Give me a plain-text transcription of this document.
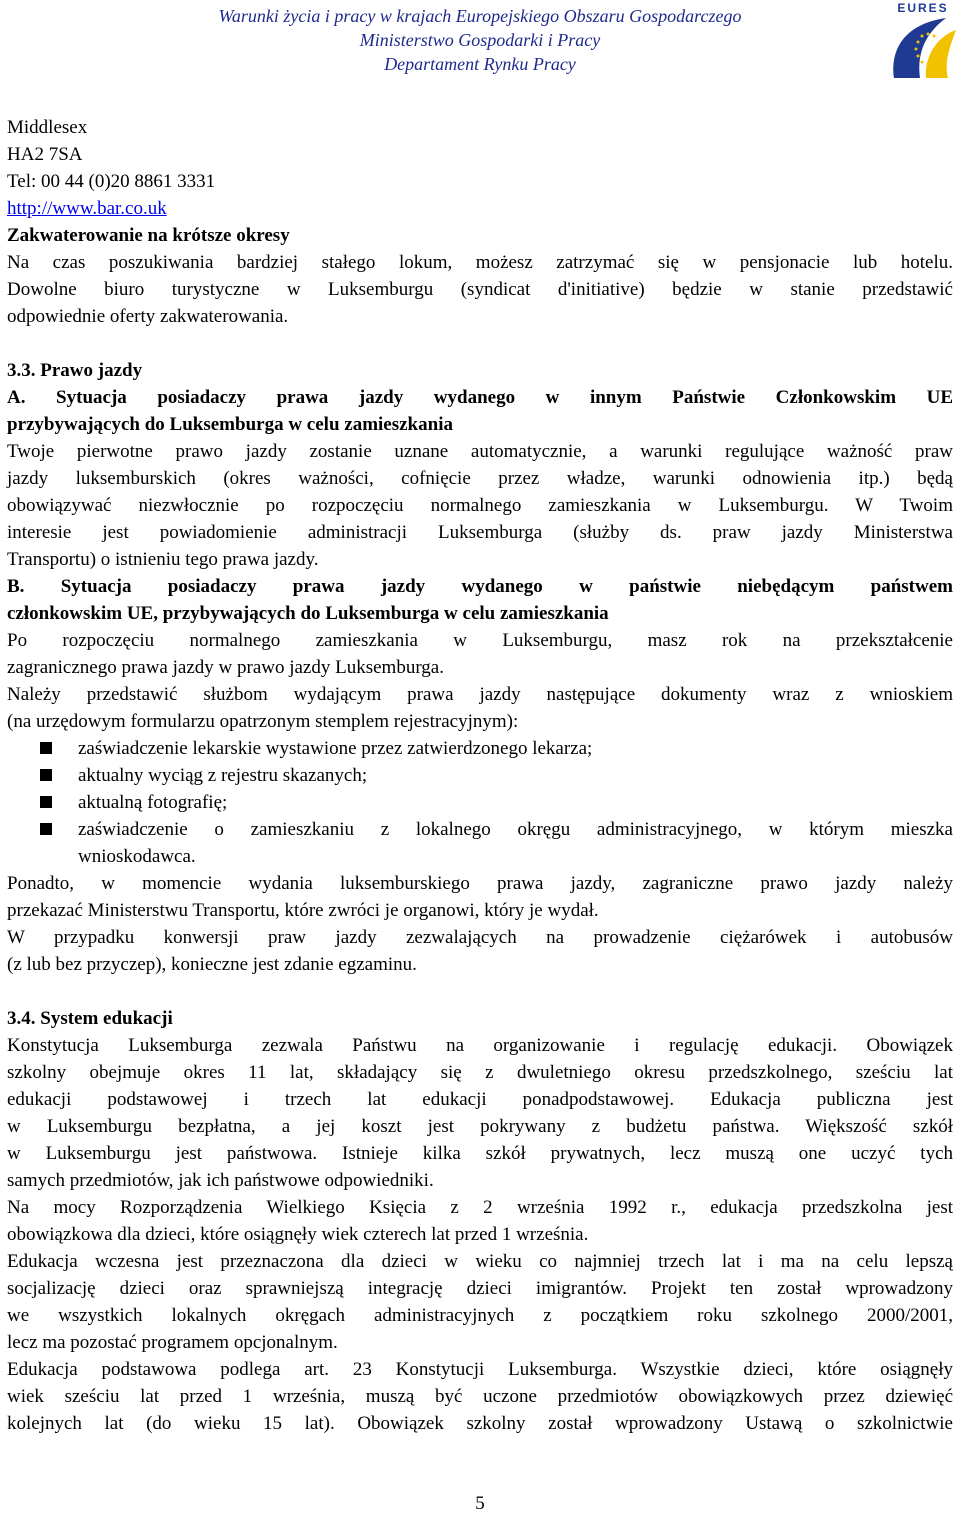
Warunki życia i pracy w krajach Europejskiego Obszaru Gospodarczego
Ministerstwo Gospodarki i Pracy
Departament Rynku Pracy
EURES
Middlesex
HA2 7SA
Tel: 00 44 (0)20 8861 3331
http://www.bar.co.uk
Zakwaterowanie na krótsze okresy
Na czas poszukiwania bardziej stałego lokum, możesz zatrzymać się w pensjonacie lub hotelu.
Dowolne biuro turystyczne w Luksemburgu (syndicat d'initiative) będzie w stanie przedstawić
odpowiednie oferty zakwaterowania.
3.3. Prawo jazdy
A. Sytuacja posiadaczy prawa jazdy wydanego w innym Państwie Członkowskim UE
przybywających do Luksemburga w celu zamieszkania
Twoje pierwotne prawo jazdy zostanie uznane automatycznie, a warunki regulujące ważność praw
jazdy luksemburskich (okres ważności, cofnięcie przez władze, warunki odnowienia itp.) będą
obowiązywać niezwłocznie po rozpoczęciu normalnego zamieszkania w Luksemburgu. W Twoim
interesie jest powiadomienie administracji Luksemburga (służby ds. praw jazdy Ministerstwa
Transportu) o istnieniu tego prawa jazdy.
B. Sytuacja posiadaczy prawa jazdy wydanego w państwie niebędącym państwem
członkowskim UE, przybywających do Luksemburga w celu zamieszkania
Po rozpoczęciu normalnego zamieszkania w Luksemburgu, masz rok na przekształcenie
zagranicznego prawa jazdy w prawo jazdy Luksemburga.
Należy przedstawić służbom wydającym prawa jazdy następujące dokumenty wraz z wnioskiem
(na urzędowym formularzu opatrzonym stemplem rejestracyjnym):
zaświadczenie lekarskie wystawione przez zatwierdzonego lekarza;
aktualny wyciąg z rejestru skazanych;
aktualną fotografię;
zaświadczenie o zamieszkaniu z lokalnego okręgu administracyjnego, w którym mieszka
wnioskodawca.
Ponadto, w momencie wydania luksemburskiego prawa jazdy, zagraniczne prawo jazdy należy
przekazać Ministerstwu Transportu, które zwróci je organowi, który je wydał.
W przypadku konwersji praw jazdy zezwalających na prowadzenie ciężarówek i autobusów
(z lub bez przyczep), konieczne jest zdanie egzaminu.
3.4. System edukacji
Konstytucja Luksemburga zezwala Państwu na organizowanie i regulację edukacji. Obowiązek
szkolny obejmuje okres 11 lat, składający się z dwuletniego okresu przedszkolnego, sześciu lat
edukacji podstawowej i trzech lat edukacji ponadpodstawowej. Edukacja publiczna jest
w Luksemburgu bezpłatna, a jej koszt jest pokrywany z budżetu państwa. Większość szkół
w Luksemburgu jest państwowa. Istnieje kilka szkół prywatnych, lecz muszą one uczyć tych
samych przedmiotów, jak ich państwowe odpowiedniki.
Na mocy Rozporządzenia Wielkiego Księcia z 2 września 1992 r., edukacja przedszkolna jest
obowiązkowa dla dzieci, które osiągnęły wiek czterech lat przed 1 września.
Edukacja wczesna jest przeznaczona dla dzieci w wieku co najmniej trzech lat i ma na celu lepszą
socjalizację dzieci oraz sprawniejszą integrację dzieci imigrantów. Projekt ten został wprowadzony
we wszystkich lokalnych okręgach administracyjnych z początkiem roku szkolnego 2000/2001,
lecz ma pozostać programem opcjonalnym.
Edukacja podstawowa podlega art. 23 Konstytucji Luksemburga. Wszystkie dzieci, które osiągnęły
wiek sześciu lat przed 1 września, muszą być uczone przedmiotów obowiązkowych przez dziewięć
kolejnych lat (do wieku 15 lat). Obowiązek szkolny został wprowadzony Ustawą o szkolnictwie
5
